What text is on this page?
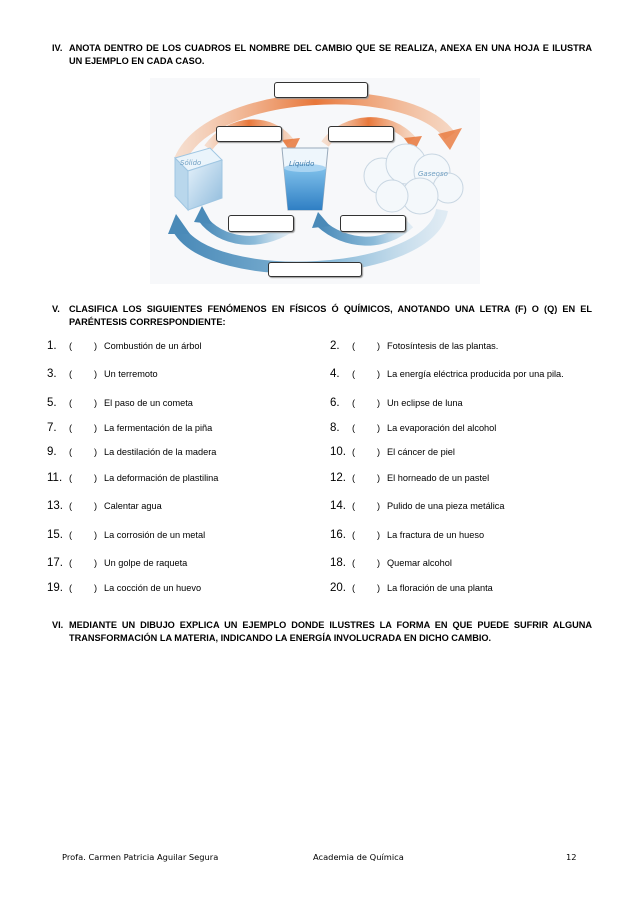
IV. ANOTA DENTRO DE LOS CUADROS EL NOMBRE DEL CAMBIO QUE SE REALIZA, ANEXA EN UNA HOJA E ILUSTRA UN EJEMPLO EN CADA CASO.
Sólido	Líquido
Gaseoso
V. CLASIFICA LOS SIGUIENTES FENÓMENOS EN FÍSICOS Ó QUÍMICOS, ANOTANDO UNA LETRA (F) O (Q) EN EL PARÉNTESIS CORRESPONDIENTE:
1. ( ) Combustión de un árbol	2. ( ) Fotosíntesis de las plantas.
3. ( ) Un terremoto	4. ( ) La energía eléctrica producida por una pila.
5. ( ) El paso de un cometa	6. ( ) Un eclipse de luna
7. ( ) La fermentación de la piña	8. ( ) La evaporación del alcohol
9. ( ) La destilación de la madera	10. ( ) El cáncer de piel
11. ( ) La deformación de plastilina	12. ( ) El horneado de un pastel
13. ( ) Calentar agua	14. ( ) Pulido de una pieza metálica
15. ( ) La corrosión de un metal	16. ( ) La fractura de un hueso
17. ( ) Un golpe de raqueta	18. ( ) Quemar alcohol
19. ( ) La cocción de un huevo	20. ( ) La floración de una planta
VI. MEDIANTE UN DIBUJO EXPLICA UN EJEMPLO DONDE ILUSTRES LA FORMA EN QUE PUEDE SUFRIR ALGUNA TRANSFORMACIÓN LA MATERIA, INDICANDO LA ENERGÍA INVOLUCRADA EN DICHO CAMBIO.
Profa. Carmen Patricia Aguilar Segura	Academia de Química	12
